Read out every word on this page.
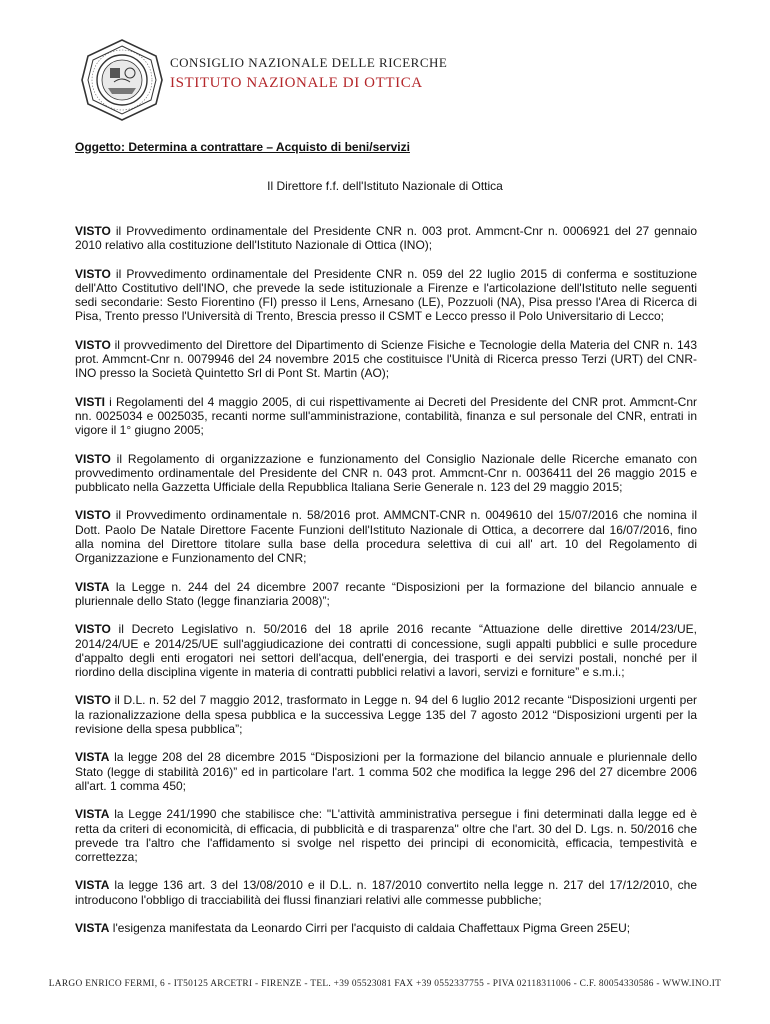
CONSIGLIO NAZIONALE DELLE RICERCHE
ISTITUTO NAZIONALE DI OTTICA
Oggetto: Determina a contrattare – Acquisto di beni/servizi
Il Direttore f.f. dell'Istituto Nazionale di Ottica

VISTO il Provvedimento ordinamentale del Presidente CNR n. 003 prot. Ammcnt-Cnr n. 0006921 del 27 gennaio 2010 relativo alla costituzione dell'Istituto Nazionale di Ottica (INO);

VISTO il Provvedimento ordinamentale del Presidente CNR n. 059 del 22 luglio 2015 di conferma e sostituzione dell'Atto Costitutivo dell'INO, che prevede la sede istituzionale a Firenze e l'articolazione dell'Istituto nelle seguenti sedi secondarie: Sesto Fiorentino (FI) presso il Lens, Arnesano (LE), Pozzuoli (NA), Pisa presso l'Area di Ricerca di Pisa, Trento presso l'Università di Trento, Brescia presso il CSMT e Lecco presso il Polo Universitario di Lecco;

VISTO il provvedimento del Direttore del Dipartimento di Scienze Fisiche e Tecnologie della Materia del CNR n. 143 prot. Ammcnt-Cnr n. 0079946 del 24 novembre 2015 che costituisce l'Unità di Ricerca presso Terzi (URT) del CNR-INO presso la Società Quintetto Srl di Pont St. Martin (AO);

VISTI i Regolamenti del 4 maggio 2005, di cui rispettivamente ai Decreti del Presidente del CNR prot. Ammcnt-Cnr nn. 0025034 e 0025035, recanti norme sull'amministrazione, contabilità, finanza e sul personale del CNR, entrati in vigore il 1° giugno 2005;

VISTO il Regolamento di organizzazione e funzionamento del Consiglio Nazionale delle Ricerche emanato con provvedimento ordinamentale del Presidente del CNR n. 043 prot. Ammcnt-Cnr n. 0036411 del 26 maggio 2015 e pubblicato nella Gazzetta Ufficiale della Repubblica Italiana Serie Generale n. 123 del 29 maggio 2015;

VISTO il Provvedimento ordinamentale n. 58/2016 prot. AMMCNT-CNR n. 0049610 del 15/07/2016 che nomina il Dott. Paolo De Natale Direttore Facente Funzioni dell'Istituto Nazionale di Ottica, a decorrere dal 16/07/2016, fino alla nomina del Direttore titolare sulla base della procedura selettiva di cui all' art. 10 del Regolamento di Organizzazione e Funzionamento del CNR;

VISTA la Legge n. 244 del 24 dicembre 2007 recante “Disposizioni per la formazione del bilancio annuale e pluriennale dello Stato (legge finanziaria 2008)”;

VISTO il Decreto Legislativo n. 50/2016 del 18 aprile 2016 recante “Attuazione delle direttive 2014/23/UE, 2014/24/UE e 2014/25/UE sull'aggiudicazione dei contratti di concessione, sugli appalti pubblici e sulle procedure d'appalto degli enti erogatori nei settori dell'acqua, dell'energia, dei trasporti e dei servizi postali, nonché per il riordino della disciplina vigente in materia di contratti pubblici relativi a lavori, servizi e forniture” e s.m.i.;

VISTO il D.L. n. 52 del 7 maggio 2012, trasformato in Legge n. 94 del 6 luglio 2012 recante “Disposizioni urgenti per la razionalizzazione della spesa pubblica e la successiva Legge 135 del 7 agosto 2012 “Disposizioni urgenti per la revisione della spesa pubblica”;

VISTA la legge 208 del 28 dicembre 2015 “Disposizioni per la formazione del bilancio annuale e pluriennale dello Stato (legge di stabilità 2016)” ed in particolare l'art. 1 comma 502 che modifica la legge 296 del 27 dicembre 2006 all'art. 1 comma 450;

VISTA la Legge 241/1990 che stabilisce che: "L'attività amministrativa persegue i fini determinati dalla legge ed è retta da criteri di economicità, di efficacia, di pubblicità e di trasparenza" oltre che l'art. 30 del D. Lgs. n. 50/2016 che prevede tra l'altro che l'affidamento si svolge nel rispetto dei principi di economicità, efficacia, tempestività e correttezza;

VISTA la legge 136 art. 3 del 13/08/2010 e il D.L. n. 187/2010 convertito nella legge n. 217 del 17/12/2010, che introducono l'obbligo di tracciabilità dei flussi finanziari relativi alle commesse pubbliche;

VISTA l'esigenza manifestata da Leonardo Cirri per l'acquisto di caldaia Chaffettaux Pigma Green 25EU;

LARGO ENRICO FERMI, 6 - IT50125 ARCETRI - FIRENZE - TEL. +39 05523081 FAX +39 0552337755 - PIVA 02118311006 - C.F. 80054330586 - WWW.INO.IT
